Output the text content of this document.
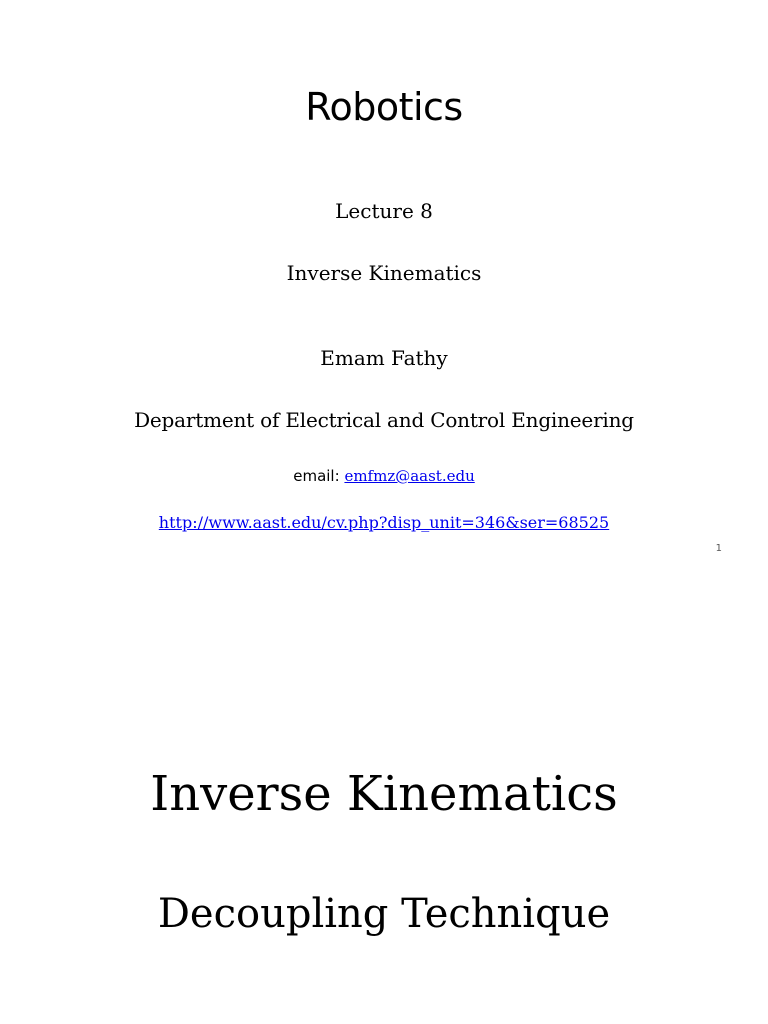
Robotics
Lecture 8
Inverse Kinematics
Emam Fathy
Department of Electrical and Control Engineering
email: emfmz@aast.edu
http://www.aast.edu/cv.php?disp_unit=346&ser=68525
1
Inverse Kinematics
Decoupling Technique
